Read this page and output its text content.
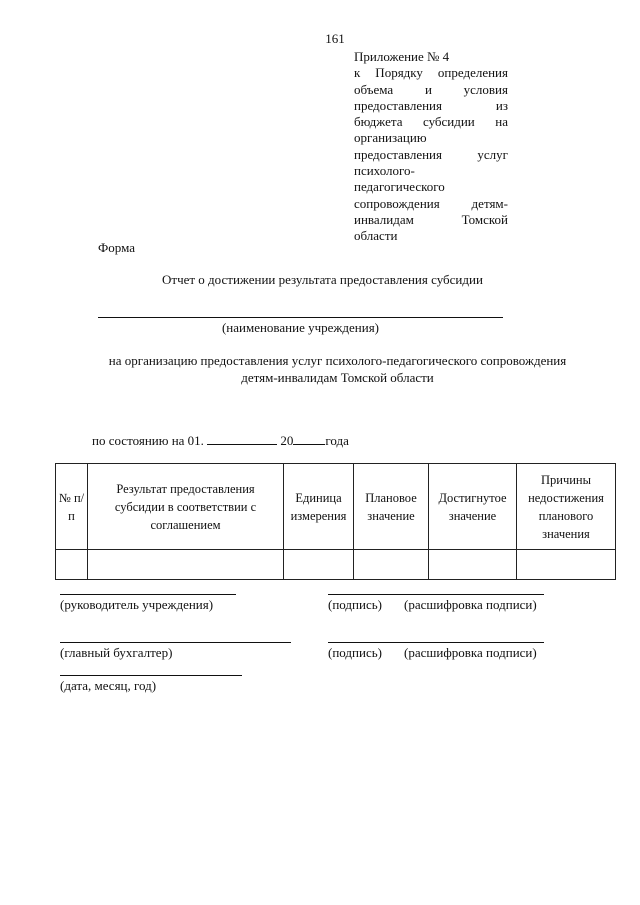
161
Приложение № 4
к Порядку определения
объема и условия
предоставления из
бюджета субсидии на
организацию
предоставления услуг
психолого-
педагогического
сопровождения детям-
инвалидам Томской
области
Форма
Отчет о достижении результата предоставления субсидии
(наименование учреждения)
на организацию предоставления услуг психолого-педагогического сопровождения
детям-инвалидам Томской области
по состоянию на 01.	20 года
№ п/п	Результат предоставления субсидии в соответствии с соглашением	Единица измерения	Плановое значение	Достигнутое значение	Причины недостижения планового значения

(руководитель учреждения)	(подпись) (расшифровка подписи)
(главный бухгалтер)	(подпись) (расшифровка подписи)
(дата, месяц, год)
